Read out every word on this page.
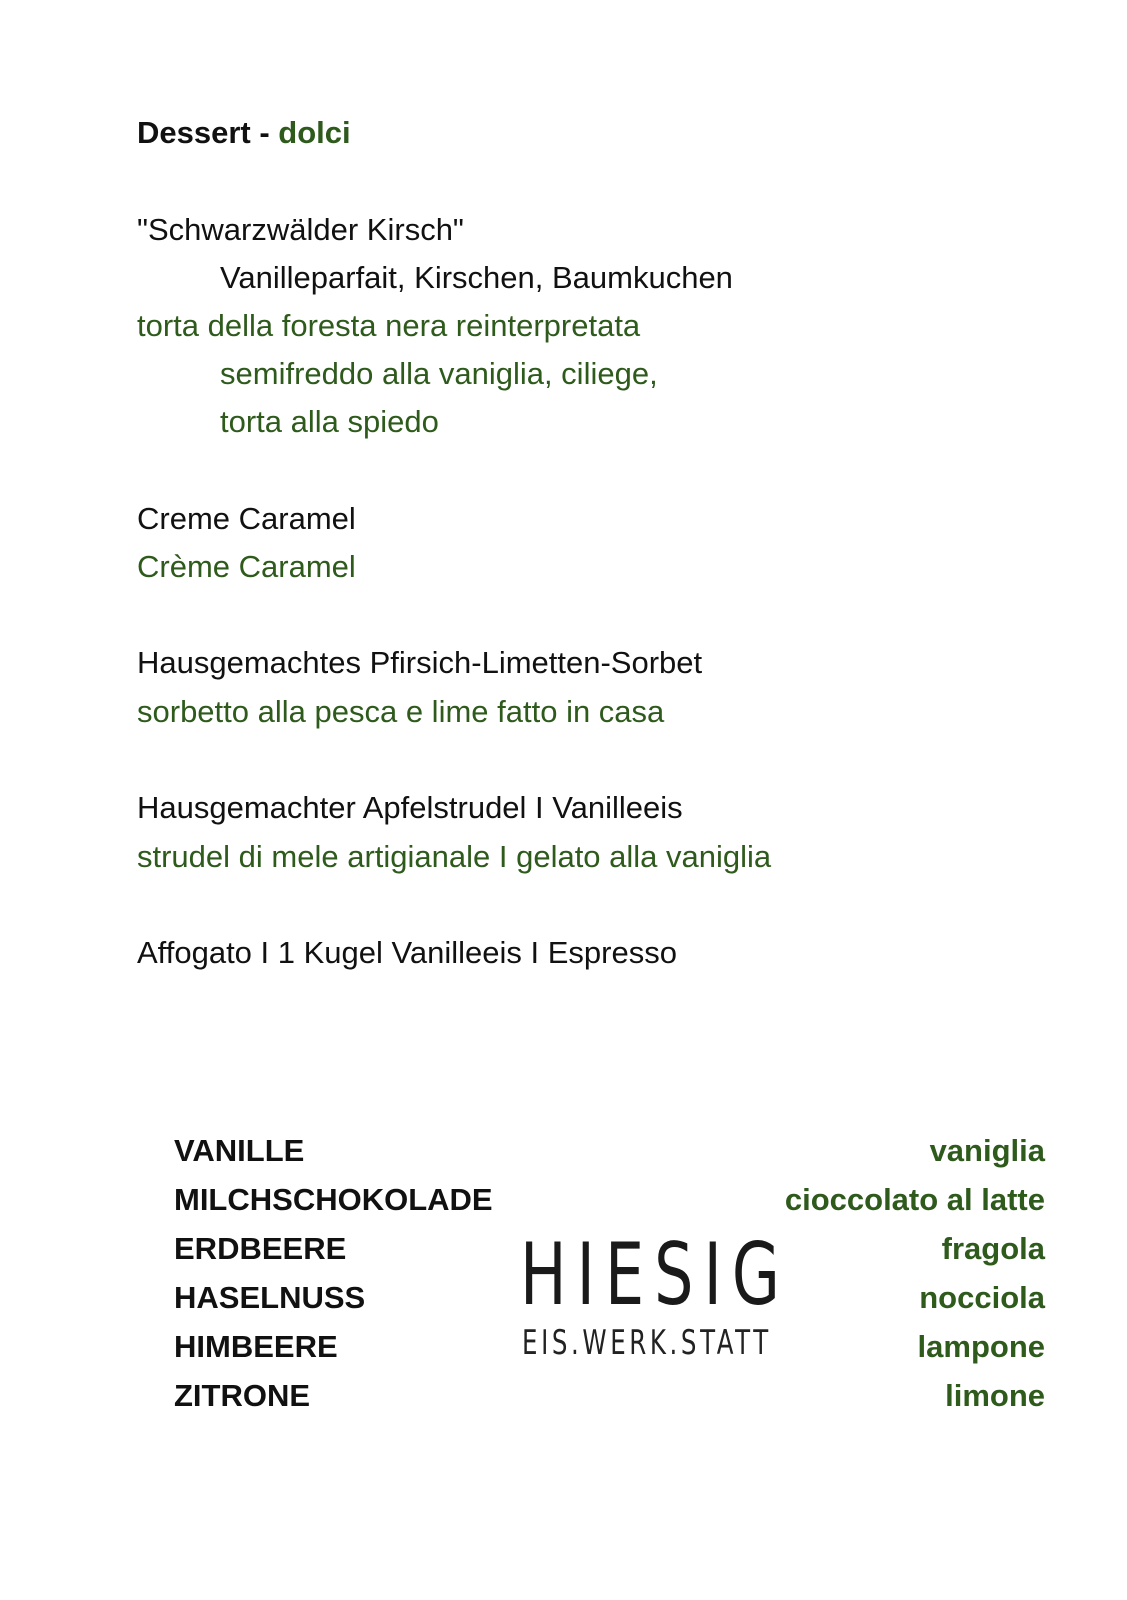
Dessert - dolci
"Schwarzwälder Kirsch"
Vanilleparfait, Kirschen, Baumkuchen
torta della foresta nera reinterpretata
semifreddo alla vaniglia, ciliege,
torta alla spiedo
Creme Caramel
Crème Caramel
Hausgemachtes Pfirsich-Limetten-Sorbet
sorbetto alla pesca e lime fatto in casa
Hausgemachter Apfelstrudel I Vanilleeis
strudel di mele artigianale I gelato alla vaniglia
Affogato I 1 Kugel Vanilleeis I Espresso
VANILLE
MILCHSCHOKOLADE
ERDBEERE
HASELNUSS
HIMBEERE
ZITRONE
HIESIG
EIS.WERK.STATT
vaniglia
cioccolato al latte
fragola
nocciola
lampone
limone
